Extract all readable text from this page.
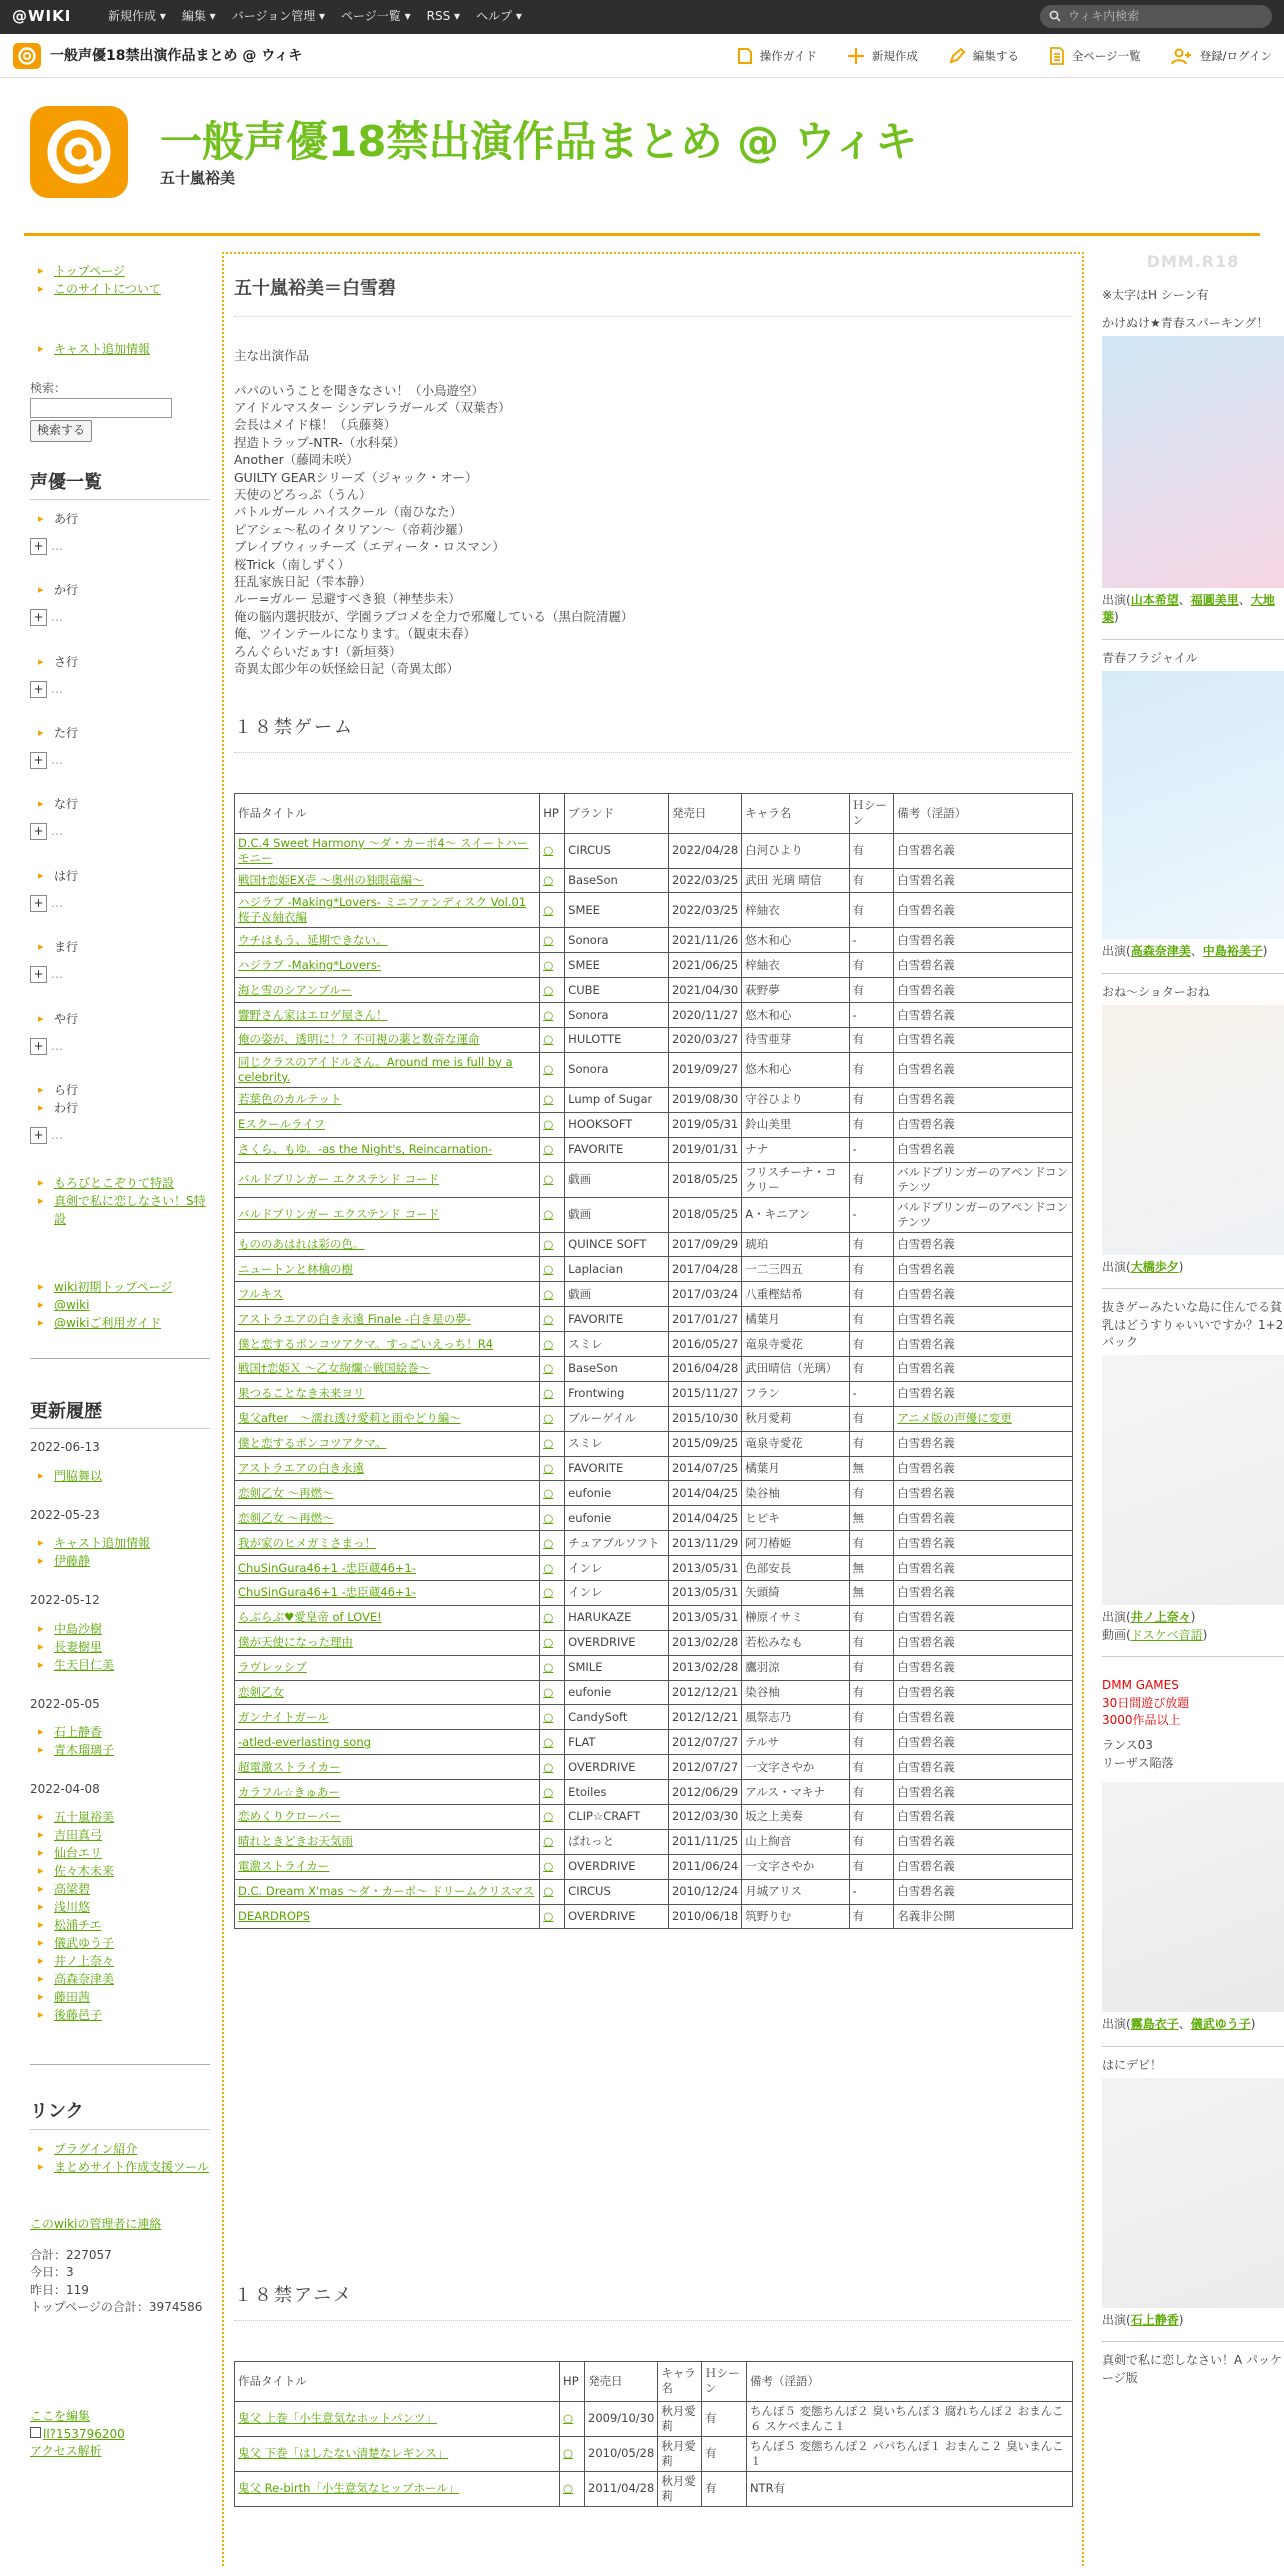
@WIKI	新規作成 ▾ 編集 ▾ バージョン管理 ▾ ページ一覧 ▾ RSS ▾ ヘルプ ▾	ウィキ内検索
一般声優18禁出演作品まとめ @ ウィキ	操作ガイド	新規作成	編集する	全ページ一覧	登録/ログイン
一般声優18禁出演作品まとめ @ ウィキ
五十嵐裕美
▸ トップページ
▸ このサイトについて
▸ キャスト追加情報
検索：
検索する
声優一覧
▸ あ行
+ …
▸ か行
+ …
▸ さ行
+ …
▸ た行
+ …
▸ な行
+ …
▸ は行
+ …
▸ ま行
+ …
▸ や行
+ …
▸ ら行
▸ わ行
+ …
▸ もろびとこぞりて特設
▸ 真剣で私に恋しなさい！S特設
▸ wiki初期トップページ
▸ @wiki
▸ @wikiご利用ガイド
更新履歴
2022-06-13
▸ 門脇舞以
2022-05-23
▸ キャスト追加情報
▸ 伊藤静
2022-05-12
▸ 中島沙樹
▸ 長妻樹里
▸ 生天目仁美
2022-05-05
▸ 石上静香
▸ 青木瑠璃子
2022-04-08
▸ 五十嵐裕美
▸ 吉田真弓
▸ 仙台エリ
▸ 佐々木未来
▸ 高梁碧
▸ 浅川悠
▸ 松浦チエ
▸ 儀武ゆう子
▸ 井ノ上奈々
▸ 高森奈津美
▸ 藤田茜
▸ 後藤邑子
リンク
▸ プラグイン紹介
▸ まとめサイト作成支援ツール
このwikiの管理者に連絡
合計：227057
今日：3
昨日：119
トップページの合計：3974586
ここを編集
ll?153796200
アクセス解析
五十嵐裕美＝白雪碧
主な出演作品
パパのいうことを聞きなさい！（小鳥遊空）
アイドルマスター シンデレラガールズ（双葉杏）
会長はメイド様！（兵藤葵）
捏造トラップ-NTR-（水科栞）
Another（藤岡未咲）
GUILTY GEARシリーズ（ジャック・オー）
天使のどろっぷ（うん）
バトルガール ハイスクール（南ひなた）
ピアシェ～私のイタリアン～（帝莉沙羅）
ブレイブウィッチーズ（エディータ・ロスマン）
桜Trick（南しずく）
狂乱家族日記（雫本静）
ルー=ガルー 忌避すべき狼（神埜歩未）
俺の脳内選択肢が、学園ラブコメを全力で邪魔している（黒白院清麗）
俺、ツインテールになります。（観束未春）
ろんぐらいだぁす!（新垣葵）
奇異太郎少年の妖怪絵日記（奇異太郎）
１８禁ゲーム
作品タイトル	HP	ブランド	発売日	キャラ名	Ｈシーン	備考（淫語）
D.C.4 Sweet Harmony ～ダ・カーポ4～ スイートハーモニー	○	CIRCUS	2022/04/28	白河ひより	有	白雪碧名義
戦国†恋姫EX壱 ～奥州の独眼竜編～	○	BaseSon	2022/03/25	武田 光璃 晴信	有	白雪碧名義
ハジラブ -Making*Lovers- ミニファンディスク Vol.01 桜子＆紬衣編	○	SMEE	2022/03/25	梓紬衣	有	白雪碧名義
ウチはもう、延期できない。	○	Sonora	2021/11/26	悠木和心	-	白雪碧名義
ハジラブ -Making*Lovers-	○	SMEE	2021/06/25	梓紬衣	有	白雪碧名義
海と雪のシアンブルー	○	CUBE	2021/04/30	萩野夢	有	白雪碧名義
響野さん家はエロゲ屋さん！	○	Sonora	2020/11/27	悠木和心	-	白雪碧名義
俺の姿が、透明に！？不可視の薬と数奇な運命	○	HULOTTE	2020/03/27	待雪亜芽	有	白雪碧名義
同じクラスのアイドルさん。Around me is full by a celebrity.	○	Sonora	2019/09/27	悠木和心	有	白雪碧名義
若葉色のカルテット	○	Lump of Sugar	2019/08/30	守谷ひより	有	白雪碧名義
Eスクールライフ	○	HOOKSOFT	2019/05/31	鈴山美里	有	白雪碧名義
さくら、もゆ。-as the Night's, Reincarnation-	○	FAVORITE	2019/01/31	ナナ	-	白雪碧名義
バルドブリンガー エクステンド コード	○	戯画	2018/05/25	フリスチーナ・コクリー	有	バルドブリンガーのアペンドコンテンツ
バルドブリンガー エクステンド コード	○	戯画	2018/05/25	A・キニアン	-	バルドブリンガーのアペンドコンテンツ
もののあはれは彩の色。	○	QUINCE SOFT	2017/09/29	琥珀	有	白雪碧名義
ニュートンと林檎の樹	○	Laplacian	2017/04/28	一二三四五	有	白雪碧名義
フルキス	○	戯画	2017/03/24	八重樫結希	有	白雪碧名義
アストラエアの白き永遠 Finale -白き星の夢-	○	FAVORITE	2017/01/27	橘葉月	有	白雪碧名義
僕と恋するポンコツアクマ。すっごいえっち！R4	○	スミレ	2016/05/27	竜泉寺愛花	有	白雪碧名義
戦国†恋姫Ｘ ～乙女絢爛☆戦国絵巻～	○	BaseSon	2016/04/28	武田晴信（光璃）	有	白雪碧名義
果つることなき未来ヨリ	○	Frontwing	2015/11/27	フラン	-	白雪碧名義
鬼父after　～濡れ透け愛莉と雨やどり編～	○	ブルーゲイル	2015/10/30	秋月愛莉	有	アニメ版の声優に変更
僕と恋するポンコツアクマ。	○	スミレ	2015/09/25	竜泉寺愛花	有	白雪碧名義
アストラエアの白き永遠	○	FAVORITE	2014/07/25	橘葉月	無	白雪碧名義
恋剣乙女 ～再燃～	○	eufonie	2014/04/25	染谷柚	有	白雪碧名義
恋剣乙女 ～再燃～	○	eufonie	2014/04/25	ヒビキ	無	白雪碧名義
我が家のヒメガミさまっ！	○	チュアブルソフト	2013/11/29	阿刀椿姫	有	白雪碧名義
ChuSinGura46+1 -忠臣蔵46+1-	○	インレ	2013/05/31	色部安長	無	白雪碧名義
ChuSinGura46+1 -忠臣蔵46+1-	○	インレ	2013/05/31	矢頭綺	無	白雪碧名義
らぶらぶ♥愛皇帝 of LOVE!	○	HARUKAZE	2013/05/31	榊原イサミ	有	白雪碧名義
僕が天使になった理由	○	OVERDRIVE	2013/02/28	若松みなも	有	白雪碧名義
ラヴレッシブ	○	SMILE	2013/02/28	鷹羽涼	有	白雪碧名義
恋剣乙女	○	eufonie	2012/12/21	染谷柚	有	白雪碧名義
ガンナイトガール	○	CandySoft	2012/12/21	風祭志乃	有	白雪碧名義
-atled-everlasting song	○	FLAT	2012/07/27	テルサ	有	白雪碧名義
超電激ストライカー	○	OVERDRIVE	2012/07/27	一文字さやか	有	白雪碧名義
カラフル☆きゅあー	○	Etoiles	2012/06/29	アルス・マキナ	有	白雪碧名義
恋めくりクローバー	○	CLIP☆CRAFT	2012/03/30	坂之上美奏	有	白雪碧名義
晴れときどきお天気雨	○	ぱれっと	2011/11/25	山上絢音	有	白雪碧名義
電激ストライカー	○	OVERDRIVE	2011/06/24	一文字さやか	有	白雪碧名義
D.C. Dream X'mas ～ダ・カーポ～ ドリームクリスマス	○	CIRCUS	2010/12/24	月城アリス	-	白雪碧名義
DEARDROPS	○	OVERDRIVE	2010/06/18	筑野りむ	有	名義非公開
１８禁アニメ
作品タイトル	HP	発売日	キャラ名	Ｈシーン	備考（淫語）
鬼父 上巻「小生意気なホットパンツ」	○	2009/10/30	秋月愛莉	有	ちんぽ５ 変態ちんぽ２ 臭いちんぽ３ 腐れちんぽ２ おまんこ６ スケベまんこ１
鬼父 下巻「はしたない清楚なレギンス」	○	2010/05/28	秋月愛莉	有	ちんぽ５ 変態ちんぽ２ パパちんぽ１ おまんこ２ 臭いまんこ１
鬼父 Re-birth「小生意気なヒップホール」	○	2011/04/28	秋月愛莉	有	NTR有
DMM.R18
※太字はH シーン有
かけぬけ★青春スパーキング！
出演(山本希望、福圓美里、大地葉)
青春フラジャイル
出演(高森奈津美、中島裕美子)
おね～ショターおね
出演(大橋歩夕)
抜きゲーみたいな島に住んでる貧乳はどうすりゃいいですか？1+2パック
出演(井ノ上奈々)
動画(ドスケベ音語)
DMM GAMES
30日間遊び放題
3000作品以上
ランス03
リーザス陥落
出演(霧島衣子、儀武ゆう子)
はにデビ！
出演(石上静香)
真剣で私に恋しなさい！A パッケージ版
